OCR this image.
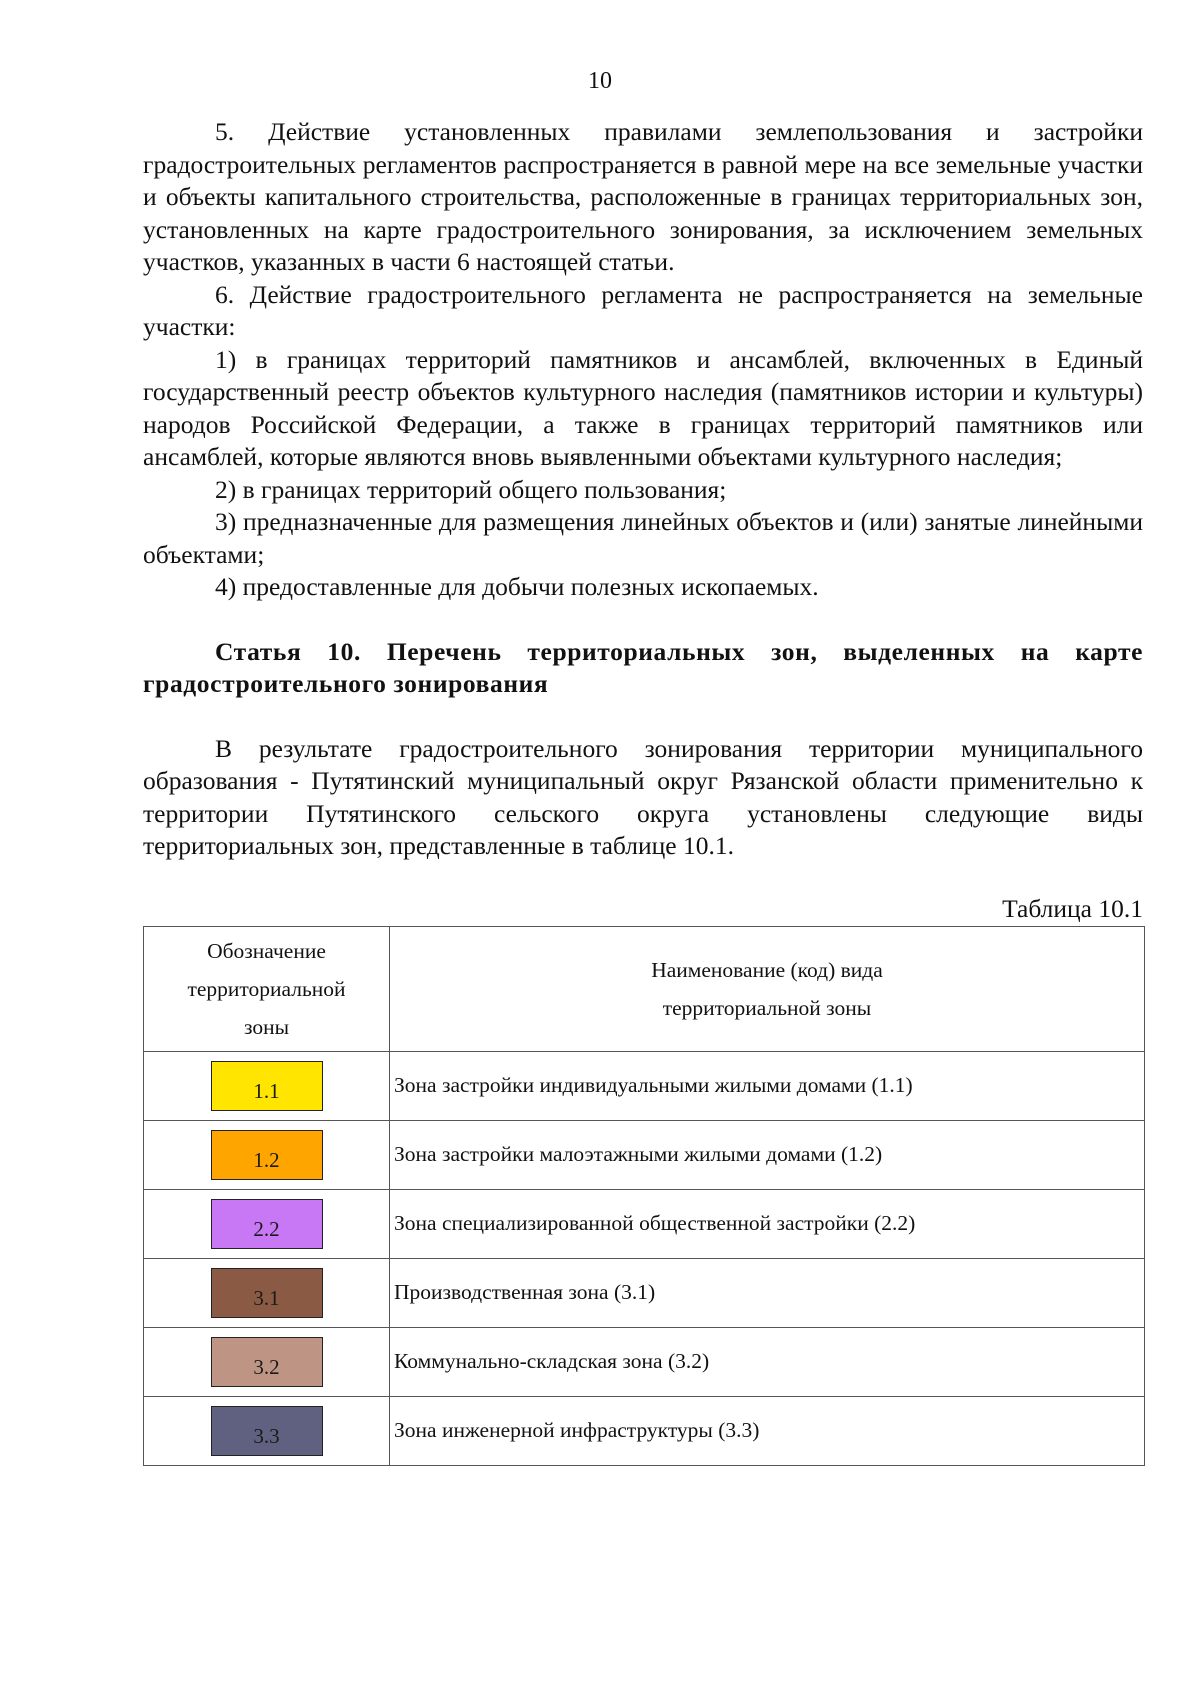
10

5. Действие установленных правилами землепользования и застройки градостроительных регламентов распространяется в равной мере на все земельные участки и объекты капитального строительства, расположенные в границах территориальных зон, установленных на карте градостроительного зонирования, за исключением земельных участков, указанных в части 6 настоящей статьи.

6. Действие градостроительного регламента не распространяется на земельные участки:

1) в границах территорий памятников и ансамблей, включенных в Единый государственный реестр объектов культурного наследия (памятников истории и культуры) народов Российской Федерации, а также в границах территорий памятников или ансамблей, которые являются вновь выявленными объектами культурного наследия;

2) в границах территорий общего пользования;

3) предназначенные для размещения линейных объектов и (или) занятые линейными объектами;

4) предоставленные для добычи полезных ископаемых.

Статья 10. Перечень территориальных зон, выделенных на карте градостроительного зонирования

В результате градостроительного зонирования территории муниципального образования - Путятинский муниципальный округ Рязанской области применительно к территории Путятинского сельского округа установлены следующие виды территориальных зон, представленные в таблице 10.1.

Таблица 10.1
Обозначение территориальной зоны	Наименование (код) вида территориальной зоны

1.1	Зона застройки индивидуальными жилыми домами (1.1)
1.2	Зона застройки малоэтажными жилыми домами (1.2)
2.2	Зона специализированной общественной застройки (2.2)
3.1	Производственная зона (3.1)
3.2	Коммунально-складская зона (3.2)
3.3	Зона инженерной инфраструктуры (3.3)
